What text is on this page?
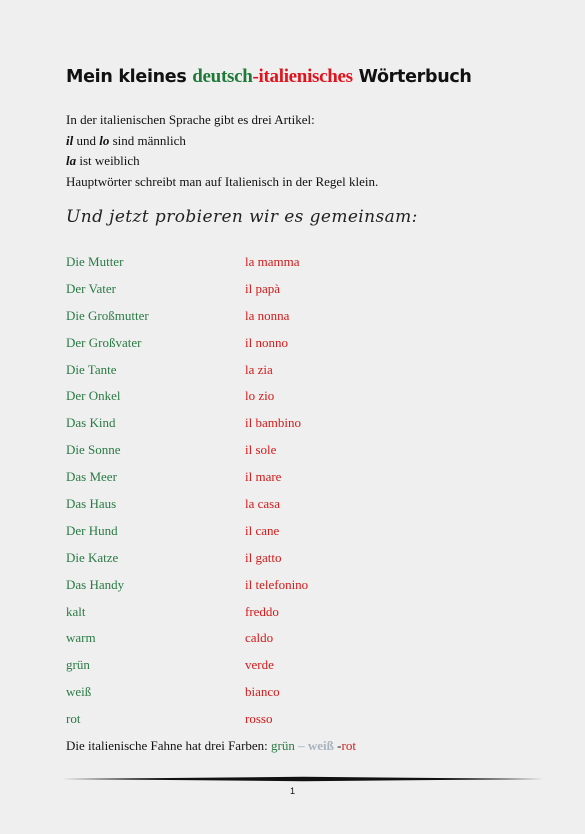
Mein kleines deutsch-italienisches Wörterbuch
In der italienischen Sprache gibt es drei Artikel:
il und lo sind männlich
la ist weiblich
Hauptwörter schreibt man auf Italienisch in der Regel klein.
Und jetzt probieren wir es gemeinsam:
Die Mutter	la mamma
Der Vater	il papà
Die Großmutter	la nonna
Der Großvater	il nonno
Die Tante	la zia
Der Onkel	lo zio
Das Kind	il bambino
Die Sonne	il sole
Das Meer	il mare
Das Haus	la casa
Der Hund	il cane
Die Katze	il gatto
Das Handy	il telefonino
kalt	freddo
warm	caldo
grün	verde
weiß	bianco
rot	rosso
Die italienische Fahne hat drei Farben: grün – weiß -rot
1
